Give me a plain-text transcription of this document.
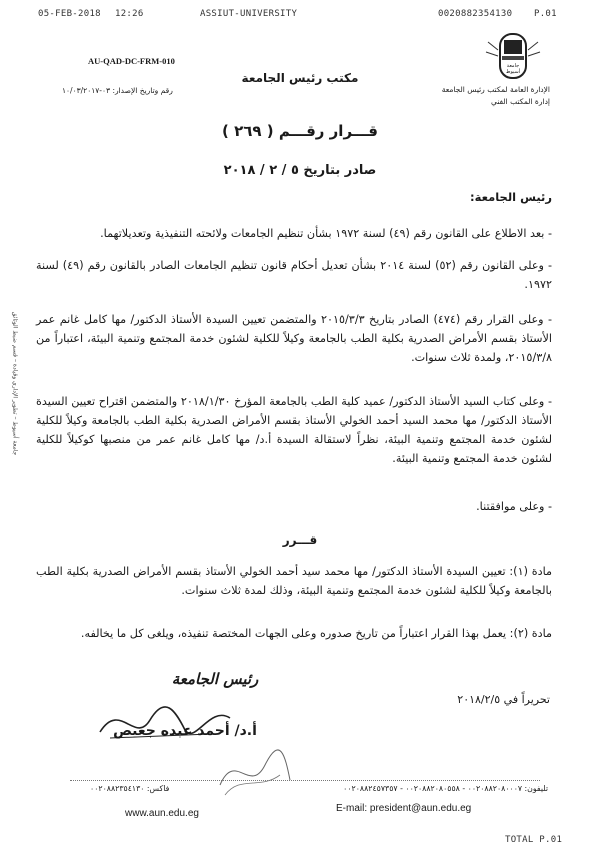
05-FEB-2018 12:26	ASSIUT-UNIVERSITY	0020882354130 P.01
جامعة أسيوط
AU-QAD-DC-FRM-010
رقم وتاريخ الإصدار: ٠٣-١٠/٠٣/٢٠١٧
مكتب رئيس الجامعة
الإدارة العامة لمكتب رئيس الجامعة
إدارة المكتب الفني
قـــرار رقـــم ( ٢٦٩ )
صادر بتاريخ ٥ / ٢ / ٢٠١٨
رئيس الجامعة:
- بعد الاطلاع على القانون رقم (٤٩) لسنة ١٩٧٢ بشأن تنظيم الجامعات ولائحته التنفيذية وتعديلاتهما.
- وعلى القانون رقم (٥٢) لسنة ٢٠١٤ بشأن تعديل أحكام قانون تنظيم الجامعات الصادر بالقانون رقم (٤٩) لسنة ١٩٧٢.
- وعلى القرار رقم (٤٧٤) الصادر بتاريخ ٢٠١٥/٣/٣ والمتضمن تعيين السيدة الأستاذ الدكتور/ مها كامل غانم عمر الأستاذ بقسم الأمراض الصدرية بكلية الطب بالجامعة وكيلاً للكلية لشئون خدمة المجتمع وتنمية البيئة، اعتباراً من ٢٠١٥/٣/٨، ولمدة ثلاث سنوات.
- وعلى كتاب السيد الأستاذ الدكتور/ عميد كلية الطب بالجامعة المؤرخ ٢٠١٨/١/٣٠ والمتضمن اقتراح تعيين السيدة الأستاذ الدكتور/ مها محمد السيد أحمد الخولي الأستاذ بقسم الأمراض الصدرية بكلية الطب بالجامعة وكيلاً للكلية لشئون خدمة المجتمع وتنمية البيئة، نظراً لاستقالة السيدة أ.د/ مها كامل غانم عمر من منصبها كوكيلاً للكلية لشئون خدمة المجتمع وتنمية البيئة.
- وعلى موافقتنا.
جامعة أسيوط – تطوير الإداري وقيادة – قسم ضبط الوثائق
قـــرر
مادة (١): تعيين السيدة الأستاذ الدكتور/ مها محمد سيد أحمد الخولي الأستاذ بقسم الأمراض الصدرية بكلية الطب بالجامعة وكيلاً للكلية لشئون خدمة المجتمع وتنمية البيئة، وذلك لمدة ثلاث سنوات.
مادة (٢): يعمل بهذا القرار اعتباراً من تاريخ صدوره وعلى الجهات المختصة تنفيذه، ويلغى كل ما يخالفه.
رئيس الجامعة
أ.د/ أحمد عبده جعيص
تحريراً في ٢٠١٨/٢/٥
تليفون: ٠٠٢٠٨٨٢٠٨٠٠٠٧ - ٠٠٢٠٨٨٢٠٨٠٥٥٨ - ٠٠٢٠٨٨٢٤٥٧٣٥٧
فاكس: ٠٠٢٠٨٨٢٣٥٤١٣٠
E-mail: president@aun.edu.eg
www.aun.edu.eg
TOTAL P.01
